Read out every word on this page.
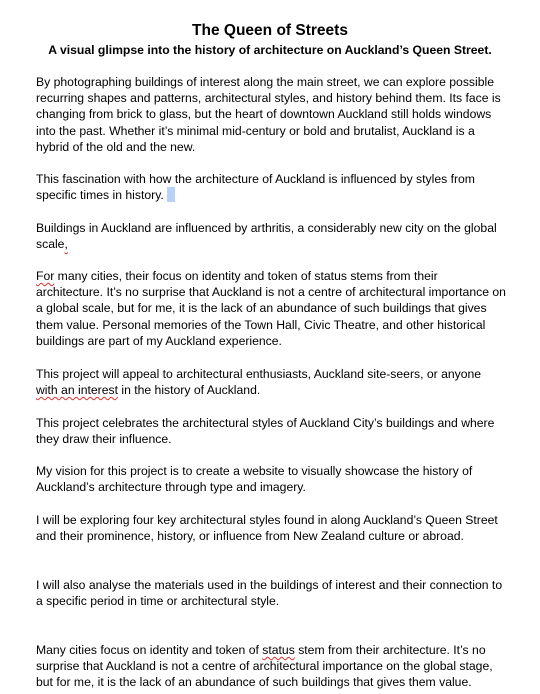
The Queen of Streets
A visual glimpse into the history of architecture on Auckland’s Queen Street.

By photographing buildings of interest along the main street, we can explore possible recurring shapes and patterns, architectural styles, and history behind them. Its face is changing from brick to glass, but the heart of downtown Auckland still holds windows into the past. Whether it’s minimal mid-century or bold and brutalist, Auckland is a hybrid of the old and the new.

This fascination with how the architecture of Auckland is influenced by styles from specific times in history.

Buildings in Auckland are influenced by arthritis, a considerably new city on the global scale,

For many cities, their focus on identity and token of status stems from their architecture. It’s no surprise that Auckland is not a centre of architectural importance on a global scale, but for me, it is the lack of an abundance of such buildings that gives them value. Personal memories of the Town Hall, Civic Theatre, and other historical buildings are part of my Auckland experience.

This project will appeal to architectural enthusiasts, Auckland site-seers, or anyone with an interest in the history of Auckland.

This project celebrates the architectural styles of Auckland City’s buildings and where they draw their influence.

My vision for this project is to create a website to visually showcase the history of Auckland’s architecture through type and imagery.

I will be exploring four key architectural styles found in along Auckland’s Queen Street and their prominence, history, or influence from New Zealand culture or abroad.

I will also analyse the materials used in the buildings of interest and their connection to a specific period in time or architectural style.

Many cities focus on identity and token of status stem from their architecture. It’s no surprise that Auckland is not a centre of architectural importance on the global stage, but for me, it is the lack of an abundance of such buildings that gives them value.
